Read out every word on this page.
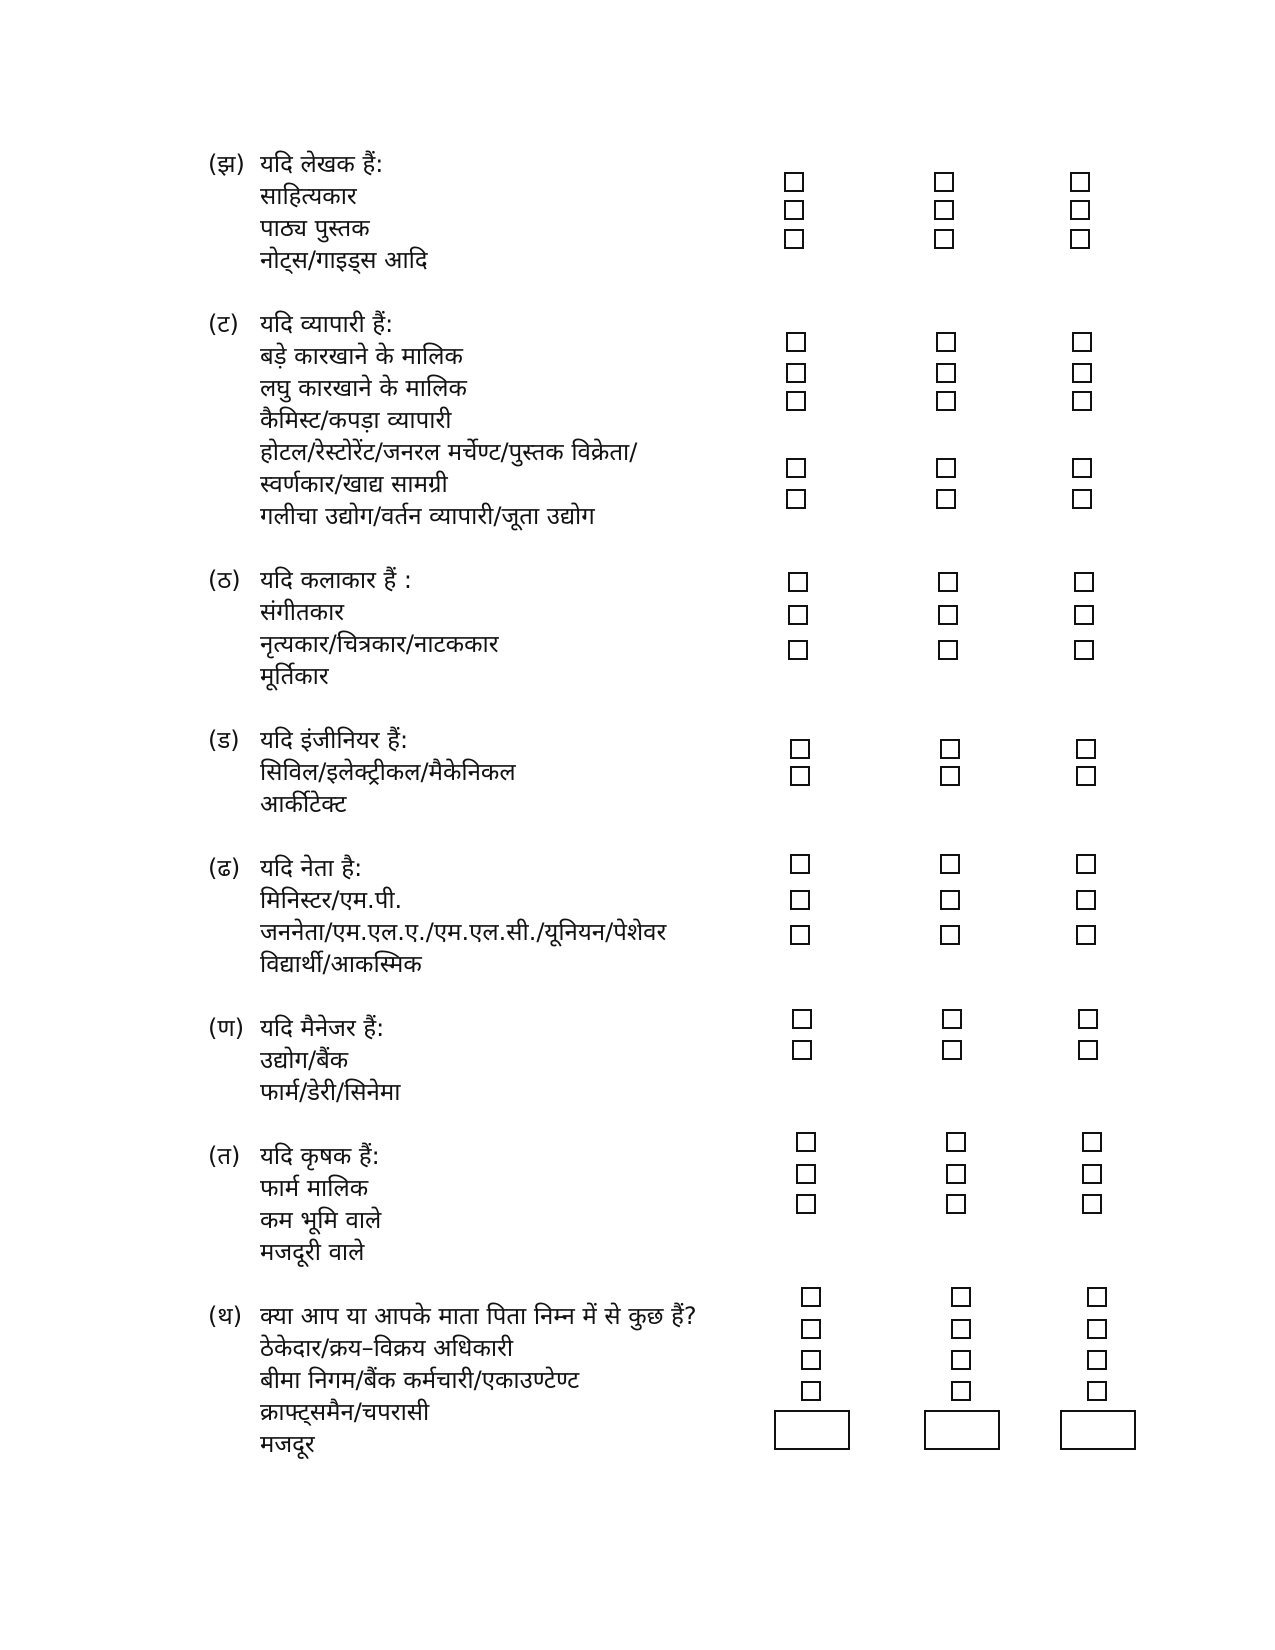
(झ) यदि लेखक हैं:
साहित्यकार
पाठ्य पुस्तक
नोट्स/गाइड्स आदि
(ट) यदि व्यापारी हैं:
बड़े कारखाने के मालिक
लघु कारखाने के मालिक
कैमिस्ट/कपड़ा व्यापारी
होटल/रेस्टोरेंट/जनरल मर्चेण्ट/पुस्तक विक्रेता/
स्वर्णकार/खाद्य सामग्री
गलीचा उद्योग/वर्तन व्यापारी/जूता उद्योग
(ठ) यदि कलाकार हैं :
संगीतकार
नृत्यकार/चित्रकार/नाटककार
मूर्तिकार
(ड) यदि इंजीनियर हैं:
सिविल/इलेक्ट्रीकल/मैकेनिकल
आर्कीटेक्ट
(ढ) यदि नेता है:
मिनिस्टर/एम.पी.
जननेता/एम.एल.ए./एम.एल.सी./यूनियन/पेशेवर
विद्यार्थी/आकस्मिक
(ण) यदि मैनेजर हैं:
उद्योग/बैंक
फार्म/डेरी/सिनेमा
(त) यदि कृषक हैं:
फार्म मालिक
कम भूमि वाले
मजदूरी वाले
(थ) क्या आप या आपके माता पिता निम्न में से कुछ हैं?
ठेकेदार/क्रय–विक्रय अधिकारी
बीमा निगम/बैंक कर्मचारी/एकाउण्टेण्ट
क्राफ्ट्समैन/चपरासी
मजदूर
